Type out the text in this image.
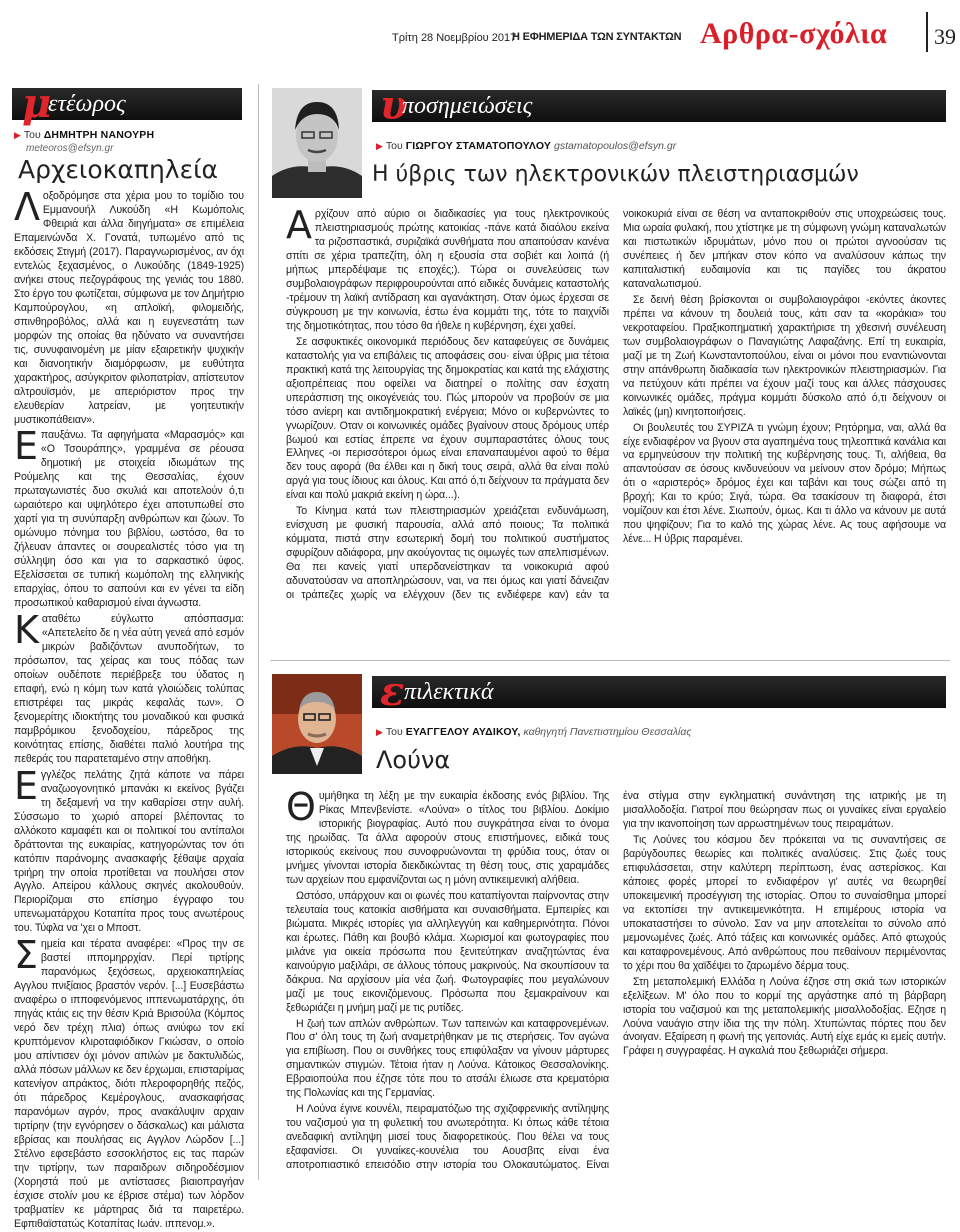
Τρίτη 28 Νοεμβρίου 2017
Η ΕΦΗΜΕΡΙΔΑ ΤΩΝ ΣΥΝΤΑΚΤΩΝ Αρθρα-σχόλια 39
μ
ετέωρος
▶ Του ΔΗΜΗΤΡΗ ΝΑΝΟΥΡΗ
meteoros@efsyn.gr
Αρχειοκαπηλεία

Λοξοδρόμησε στα χέρια μου το τομίδιο του Εμμανουήλ Λυκούδη «Η Κωμόπολις Φθειριά και άλλα διηγήματα» σε επιμέλεια Επαμεινώνδα Χ. Γονατά, τυπωμένο από τις εκδόσεις Στιγμή (2017). Παραγνωρισμένος, αν όχι εντελώς ξεχασμένος, ο Λυκούδης (1849-1925) ανήκει στους πεζογράφους της γενιάς του 1880. Στο έργο του φωτίζεται, σύμφωνα με τον Δημήτριο Καμπούρογλου, «η απλοϊκή, φιλομειδής, σπινθηροβόλος, αλλά και η ευγενεστάτη των μορφών της οποίας θα ηδύνατο να συναντήσει τις, συνυφαινομένη με μίαν εξαιρετικήν ψυχικήν και διανοητικήν διαμόρφωσιν, με ευθύτητα χαρακτήρος, ασύγκριτον φιλοπατρίαν, απίστευτον αλτρουϊσμόν, με απεριόριστον προς την ελευθερίαν λατρείαν, με γοητευτικήν μυστικοπάθειαν».

Επαυξάνω. Τα αφηγήματα «Μαρασμός» και «Ο Τσουράπης», γραμμένα σε ρέουσα δημοτική με στοιχεία ιδιωμάτων της Ρούμελης και της Θεσσαλίας, έχουν πρωταγωνιστές δυο σκυλιά και αποτελούν ό,τι ωραιότερο και υψηλότερο έχει αποτυπωθεί στο χαρτί για τη συνύπαρξη ανθρώπων και ζώων. Το ομώνυμο πόνημα του βιβλίου, ωστόσο, θα το ζήλευαν άπαντες οι σουρεαλιστές τόσο για τη σύλληψη όσο και για το σαρκαστικό ύφος. Εξελίσσεται σε τυπική κωμόπολη της ελληνικής επαρχίας, όπου το σαπούνι και εν γένει τα είδη προσωπικού καθαρισμού είναι άγνωστα.

Καταθέτω εύγλωττο απόσπασμα: «Απετελείτο δε η νέα αύτη γενεά από εσμόν μικρών βαδιζόντων ανυποδήτων, το πρόσωπον, τας χείρας και τους πόδας των οποίων ουδέποτε περιέβρεξε του ύδατος η επαφή, ενώ η κόμη των κατά γλοιώδεις τολύπας επιστρέφει τας μικράς κεφαλάς των». Ο ξενομερίτης ιδιοκτήτης του μοναδικού και φυσικά παμβρόμικου ξενοδοχείου, πάρεδρος της κοινότητας επίσης, διαθέτει παλιό λουτήρα της πεθεράς του παρατεταμένο στην αποθήκη.

Εγγλέζος πελάτης ζητά κάποτε να πάρει αναζωογονητικό μπανάκι κι εκείνος βγάζει τη δεξαμενή να την καθαρίσει στην αυλή. Σύσσωμο το χωριό απορεί βλέποντας το αλλόκοτο καμαφέτι και οι πολιτικοί του αντίπαλοι δράττονται της ευκαιρίας, κατηγορώντας τον ότι κατόπιν παράνομης ανασκαφής ξέθαψε αρχαία τριήρη την οποία προτίθεται να πουλήσει στον Αγγλο. Απείρου κάλλους σκηνές ακολουθούν. Περιορίζομαι στο επίσημο έγγραφο του υπενωματάρχου Κοταπίτα προς τους ανωτέρους του. Τύφλα να 'χει ο Μποστ.

Σημεία και τέρατα αναφέρει: «Προς την σε βαστεί ιππομηρρχίαν. Περί τιρτίρης παρανόμως ξεχόσεως, αρχειοκαπηλείας Αγγλου πνιξίαιος βραστόν νερόν. [...] Ευσεβάστω αναφέρω ο ιπποφενόμενος ιππενωματάρχης, ότι πηγάς κτάις εις την θέσιν Κριά Βρισούλα (Κόμπος νερό δεν τρέχη πλια) όπως ανιύφω τον εκί κρυπτόμενον κλιροταφιόδικον Γκιώσαν, ο οποίο μου απίντισεν όχι μόνον απιλών με δακτυλιδώς, αλλά πόσων μάλλων κε δεν έρχωμαι, επισταρίμας κατενίγον απράκτος, διότι πλεροφορηθής πεζός, ότι πάρεδρος Κεμέρογλους, ανασκαφήσας παρανόμων αγρόν, προς ανακάλυψιν αρχαιν τιρτίρην (την εγνόρησεν ο δάσκαλως) και μάλιστα εβρίσας και πουλήσας εις Αγγλον Λώρδον [...] Στέλνο εφσεβάστο εσσοκλήστος εις τας παρών την τιρτίρην, των παραιδρων σιδηροδέσμιον (Χορηστά πού με αντίστασες βιαιοπραγήαν έσχισε στολίν μου κε έβρισε στέμα) των λόρδον τραβματίεν κε μάρτηρας διά τα παιρετέρω. Εφπιθαϊστατώς Κοταπίτας Ιωάν. ιππενομ.».

υ
ποσημειώσεις
▶ Του ΓΙΩΡΓΟΥ ΣΤΑΜΑΤΟΠΟΥΛΟΥ gstamatopoulos@efsyn.gr
Η ύβρις των ηλεκτρονικών πλειστηριασμών

Αρχίζουν από αύριο οι διαδικασίες για τους ηλεκτρονικούς πλειστηριασμούς πρώτης κατοικίας -πάνε κατά διαόλου εκείνα τα ριζοσπαστικά, συριζαϊκά συνθήματα που απαιτούσαν κανένα σπίτι σε χέρια τραπεζίτη, όλη η εξουσία στα σοβιέτ και λοιπά (ή μήπως μπερδέψαμε τις εποχές;). Τώρα οι συνελεύσεις των συμβολαιογράφων περιφρουρούνται από ειδικές δυνάμεις καταστολής -τρέμουν τη λαϊκή αντίδραση και αγανάκτηση. Οταν όμως έρχεσαι σε σύγκρουση με την κοινωνία, έστω ένα κομμάτι της, τότε το παιχνίδι της δημοτικότητας, που τόσο θα ήθελε η κυβέρνηση, έχει χαθεί.

Σε ασφυκτικές οικονομικά περιόδους δεν καταφεύγεις σε δυνάμεις καταστολής για να επιβάλεις τις αποφάσεις σου· είναι ύβρις μια τέτοια πρακτική κατά της λειτουργίας της δημοκρατίας και κατά της ελάχιστης αξιοπρέπειας που οφείλει να διατηρεί ο πολίτης σαν έσχατη υπεράσπιση της οικογένειάς του. Πώς μπορούν να προβούν σε μια τόσο ανίερη και αντιδημοκρατική ενέργεια; Μόνο οι κυβερνώντες το γνωρίζουν. Οταν οι κοινωνικές ομάδες βγαίνουν στους δρόμους υπέρ βωμού και εστίας έπρεπε να έχουν συμπαραστάτες όλους τους Ελληνες -οι περισσότεροι όμως είναι επαναπαυμένοι αφού το θέμα δεν τους αφορά (θα έλθει και η δική τους σειρά, αλλά θα είναι πολύ αργά για τους ίδιους και όλους. Και από ό,τι δείχνουν τα πράγματα δεν είναι και πολύ μακριά εκείνη η ώρα...).

Το Κίνημα κατά των πλειστηριασμών χρειάζεται ενδυνάμωση, ενίσχυση με φυσική παρουσία, αλλά από ποιους; Τα πολιτικά κόμματα, πιστά στην εσωτερική δομή του πολιτικού συστήματος σφυρίζουν αδιάφορα, μην ακούγοντας τις οιμωγές των απελπισμένων. Θα πει κανείς γιατί υπερδανείστηκαν τα νοικοκυριά αφού αδυνατούσαν να αποπληρώσουν, ναι, να πει όμως και γιατί δάνειζαν οι τράπεζες χωρίς να ελέγχουν (δεν τις ενδιέφερε καν) εάν τα νοικοκυριά είναι σε θέση να ανταποκριθούν στις υποχρεώσεις τους. Μια ωραία φυλακή, που χτίστηκε με τη σύμφωνη γνώμη καταναλωτών και πιστωτικών ιδρυμάτων, μόνο που οι πρώτοι αγνοούσαν τις συνέπειες ή δεν μπήκαν στον κόπο να αναλύσουν κάπως την καπιταλιστική ευδαιμονία και τις παγίδες του άκρατου καταναλωτισμού.

Σε δεινή θέση βρίσκονται οι συμβολαιογράφοι -εκόντες άκοντες πρέπει να κάνουν τη δουλειά τους, κάτι σαν τα «κοράκια» του νεκροταφείου. Πραξικοπηματική χαρακτήρισε τη χθεσινή συνέλευση των συμβολαιογράφων ο Παναγιώτης Λαφαζάνης. Επί τη ευκαιρία, μαζί με τη Ζωή Κωνσταντοπούλου, είναι οι μόνοι που εναντιώνονται στην απάνθρωπη διαδικασία των ηλεκτρονικών πλειστηριασμών. Για να πετύχουν κάτι πρέπει να έχουν μαζί τους και άλλες πάσχουσες κοινωνικές ομάδες, πράγμα κομμάτι δύσκολο από ό,τι δείχνουν οι λαϊκές (μη) κινητοποιήσεις.

Οι βουλευτές του ΣΥΡΙΖΑ τι γνώμη έχουν; Ρητόρημα, ναι, αλλά θα είχε ενδιαφέρον να βγουν στα αγαπημένα τους τηλεοπτικά κανάλια και να ερμηνεύσουν την πολιτική της κυβέρνησης τους. Τι, αλήθεια, θα απαντούσαν σε όσους κινδυνεύουν να μείνουν στον δρόμο; Μήπως ότι ο «αριστερός» δρόμος έχει και ταβάνι και τους σώζει από τη βροχή; Και το κρύο; Σιγά, τώρα. Θα τσακίσουν τη διαφορά, έτσι νομίζουν και έτσι λένε. Σιωπούν, όμως. Και τι άλλο να κάνουν με αυτά που ψηφίζουν; Για το καλό της χώρας λένε. Ας τους αφήσουμε να λένε... Η ύβρις παραμένει.

ε πιλεκτικά
▶ Του ΕΥΑΓΓΕΛΟΥ ΑΥΔΙΚΟΥ, καθηγητή Πανεπιστημίου Θεσσαλίας
Λούνα

Θυμήθηκα τη λέξη με την ευκαιρία έκδοσης ενός βιβλίου. Της Ρίκας Μπενβενίστε. «Λούνα» ο τίτλος του βιβλίου. Δοκίμιο ιστορικής βιογραφίας. Αυτό που συγκράτησα είναι το όνομα της ηρωίδας. Τα άλλα αφορούν στους επιστήμονες, ειδικά τους ιστορικούς εκείνους που συνοφρυώνονται τη φρύδια τους, όταν οι μνήμες γίνονται ιστορία διεκδικώντας τη θέση τους, στις χαραμάδες των αρχείων που εμφανίζονται ως η μόνη αντικειμενική αλήθεια.

Ωστόσο, υπάρχουν και οι φωνές που καταπίγονται παίρνοντας στην τελευταία τους κατοικία αισθήματα και συναισθήματα. Εμπειρίες και βιώματα. Μικρές ιστορίες για αλληλεγγύη και καθημερινότητα. Πόνοι και έρωτες. Πάθη και βουβό κλάμα. Χωρισμοί και φωτογραφίες που μιλάνε για οικεία πρόσωπα που ξενιτεύτηκαν αναζητώντας ένα καινούργιο μαξιλάρι, σε άλλους τόπους μακρινούς. Να σκουπίσουν τα δάκρυα. Να αρχίσουν μία νέα ζωή. Φωτογραφίες που μεγαλώνουν μαζί με τους εικονιζόμενους. Πρόσωπα που ξεμακραίνουν και ξεθωριάζει η μνήμη μαζί με τις ρυτίδες.

Η ζωή των απλών ανθρώπων. Των ταπεινών και καταφρονεμένων. Που σ' όλη τους τη ζωή αναμετρήθηκαν με τις στερήσεις. Τον αγώνα για επιβίωση. Που οι συνθήκες τους επιφύλαξαν να γίνουν μάρτυρες σημαντικών στιγμών. Τέτοια ήταν η Λούνα. Κάτοικος Θεσσαλονίκης. Εβραιοπούλα που έζησε τότε που το ατσάλι έλιωσε στα κρεματόρια της Πολωνίας και της Γερμανίας.

Η Λούνα έγινε κουνέλι, πειραματόζωο της σχιζοφρενικής αντίληψης του ναζισμού για τη φυλετική του ανωτερότητα. Κι όπως κάθε τέτοια ανεδαφική αντίληψη μισεί τους διαφορετικούς. Που θέλει να τους εξαφανίσει. Οι γυναίκες-κουνέλια του Αουσβιτς είναι ένα αποτροπιαστικό επεισόδιο στην ιστορία του Ολοκαυτώματος. Είναι ένα στίγμα στην εγκληματική συνάντηση της ιατρικής με τη μισαλλοδοξία. Γιατροί που θεώρησαν πως οι γυναίκες είναι εργαλείο για την ικανοποίηση των αρρωστημένων τους πειραμάτων.

Τις Λούνες του κόσμου δεν πρόκειται να τις συναντήσεις σε βαρύγδουπες θεωρίες και πολιτικές αναλύσεις. Στις ζωές τους επιφυλάσσεται, στην καλύτερη περίπτωση, ένας αστερίσκος. Και κάποιες φορές μπορεί το ενδιαφέρον γι' αυτές να θεωρηθεί υποκειμενική προσέγγιση της ιστορίας. Οπου το συναίσθημα μπορεί να εκτοπίσει την αντικειμενικότητα. Η επιμέρους ιστορία να υποκαταστήσει το σύνολο. Σαν να μην αποτελείται το σύνολο από μεμονωμένες ζωές. Από τάξεις και κοινωνικές ομάδες. Από φτωχούς και καταφρονεμένους. Από ανθρώπους που πεθαίνουν περιμένοντας το χέρι που θα χαϊδέψει το ζαρωμένο δέρμα τους.

Στη μεταπολεμική Ελλάδα η Λούνα έζησε στη σκιά των ιστορικών εξελίξεων. Μ' όλο που το κορμί της αργάστηκε από τη βάρβαρη ιστορία του ναζισμού και της μεταπολεμικής μισαλλοδοξίας. Εζησε η Λούνα ναυάγιο στην ίδια της την πόλη. Χτυπώντας πόρτες που δεν άνοιγαν. Εξαίρεση η φωνή της γειτονιάς. Αυτή είχε εμάς κι εμείς αυτήν. Γράφει η συγγραφέας. Η αγκαλιά που ξεθωριάζει σήμερα.
